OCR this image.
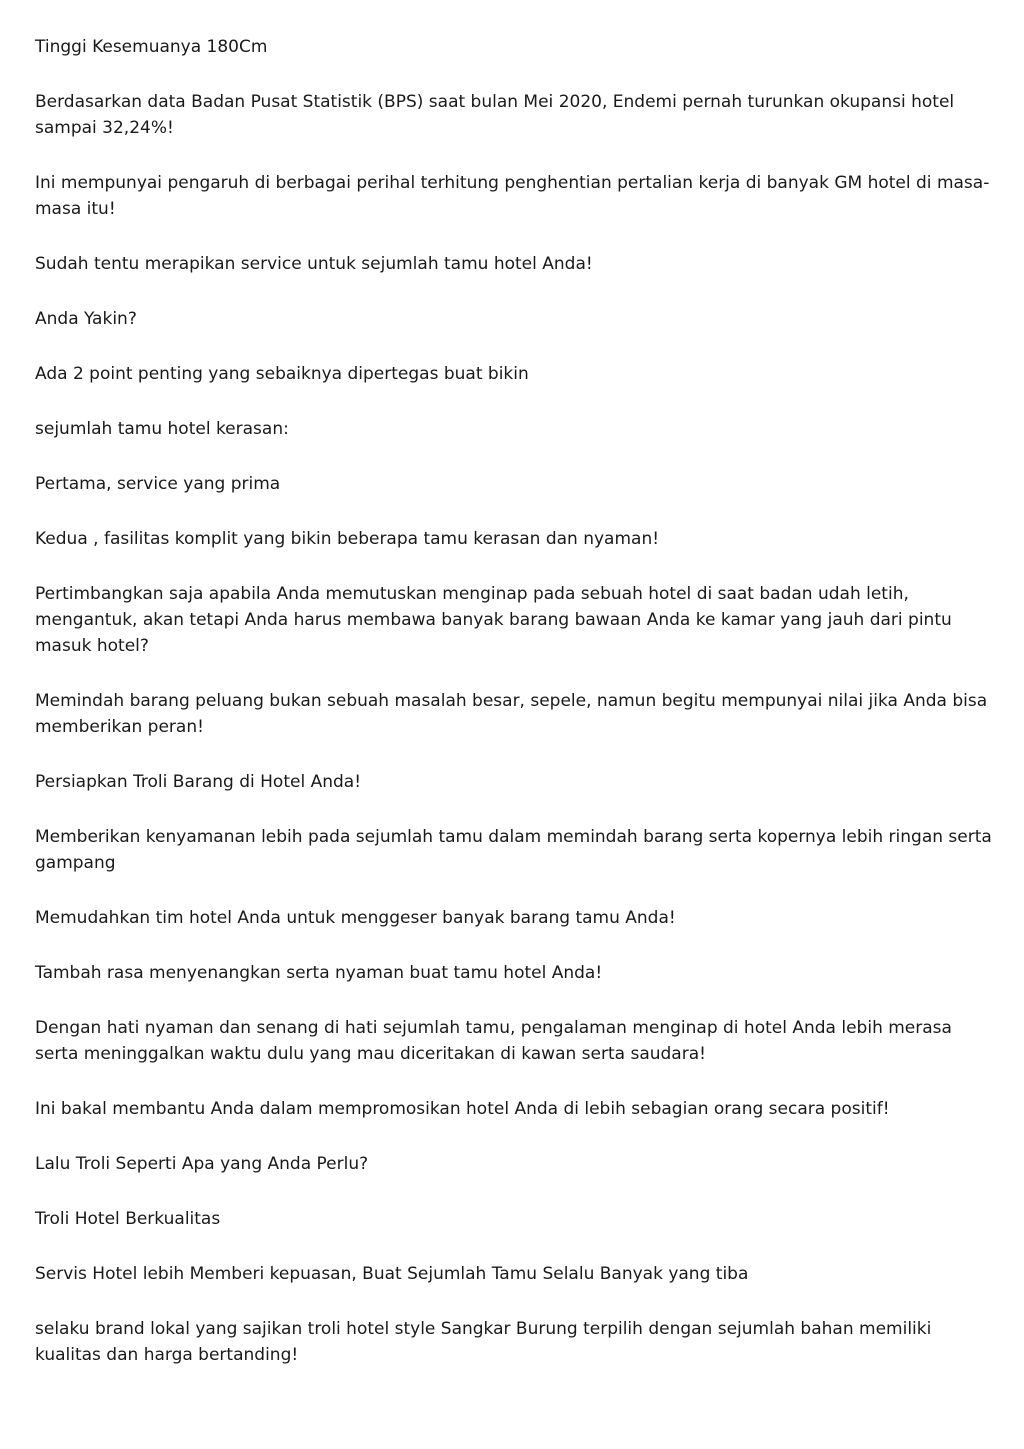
Tinggi Kesemuanya 180Cm

Berdasarkan data Badan Pusat Statistik (BPS) saat bulan Mei 2020, Endemi pernah turunkan okupansi hotel sampai 32,24%!

Ini mempunyai pengaruh di berbagai perihal terhitung penghentian pertalian kerja di banyak GM hotel di masa-masa itu!

Sudah tentu merapikan service untuk sejumlah tamu hotel Anda!

Anda Yakin?

Ada 2 point penting yang sebaiknya dipertegas buat bikin

sejumlah tamu hotel kerasan:

Pertama, service yang prima

Kedua , fasilitas komplit yang bikin beberapa tamu kerasan dan nyaman!

Pertimbangkan saja apabila Anda memutuskan menginap pada sebuah hotel di saat badan udah letih, mengantuk, akan tetapi Anda harus membawa banyak barang bawaan Anda ke kamar yang jauh dari pintu masuk hotel?

Memindah barang peluang bukan sebuah masalah besar, sepele, namun begitu mempunyai nilai jika Anda bisa memberikan peran!

Persiapkan Troli Barang di Hotel Anda!

Memberikan kenyamanan lebih pada sejumlah tamu dalam memindah barang serta kopernya lebih ringan serta gampang

Memudahkan tim hotel Anda untuk menggeser banyak barang tamu Anda!

Tambah rasa menyenangkan serta nyaman buat tamu hotel Anda!

Dengan hati nyaman dan senang di hati sejumlah tamu, pengalaman menginap di hotel Anda lebih merasa serta meninggalkan waktu dulu yang mau diceritakan di kawan serta saudara!

Ini bakal membantu Anda dalam mempromosikan hotel Anda di lebih sebagian orang secara positif!

Lalu Troli Seperti Apa yang Anda Perlu?

Troli Hotel Berkualitas

Servis Hotel lebih Memberi kepuasan, Buat Sejumlah Tamu Selalu Banyak yang tiba

selaku brand lokal yang sajikan troli hotel style Sangkar Burung terpilih dengan sejumlah bahan memiliki kualitas dan harga bertanding!
